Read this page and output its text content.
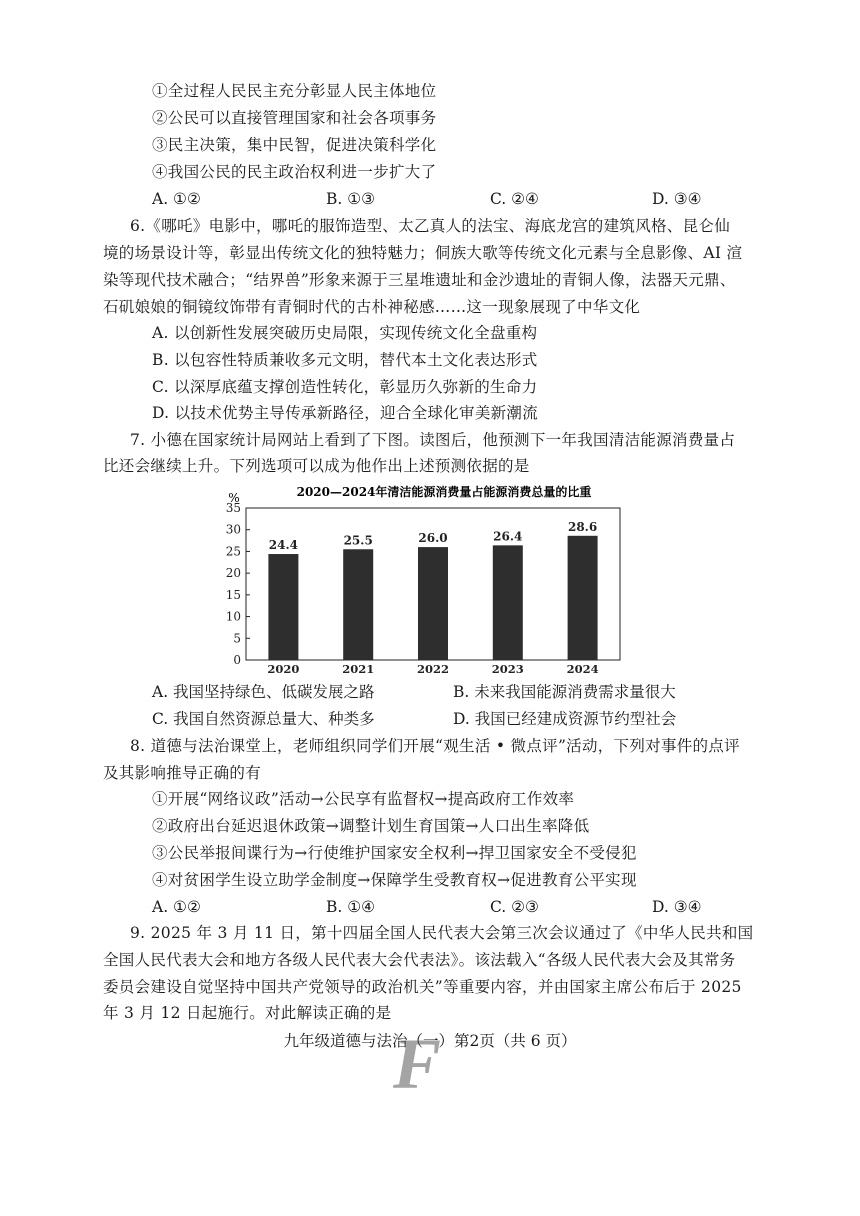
①全过程人民民主充分彰显人民主体地位
②公民可以直接管理国家和社会各项事务
③民主决策，集中民智，促进决策科学化
④我国公民的民主政治权利进一步扩大了
A. ①②	B. ①③	C. ②④	D. ③④
6.《哪吒》电影中，哪吒的服饰造型、太乙真人的法宝、海底龙宫的建筑风格、昆仑仙
境的场景设计等，彰显出传统文化的独特魅力；侗族大歌等传统文化元素与全息影像、AI 渲
染等现代技术融合；“结界兽”形象来源于三星堆遗址和金沙遗址的青铜人像，法器天元鼎、
石矶娘娘的铜镜纹饰带有青铜时代的古朴神秘感……这一现象展现了中华文化
A. 以创新性发展突破历史局限，实现传统文化全盘重构
B. 以包容性特质兼收多元文明，替代本土文化表达形式
C. 以深厚底蕴支撑创造性转化，彰显历久弥新的生命力
D. 以技术优势主导传承新路径，迎合全球化审美新潮流
7. 小德在国家统计局网站上看到了下图。读图后，他预测下一年我国清洁能源消费量占
比还会继续上升。下列选项可以成为他作出上述预测依据的是
2020—2024年清洁能源消费量占能源消费总量的比重
%
0
5
10
15
20
25
30
35
24.4	25.5	26.0	26.4
28.6
2020	2021	2022	2023	2024
A. 我国坚持绿色、低碳发展之路	B. 未来我国能源消费需求量很大
C. 我国自然资源总量大、种类多	D. 我国已经建成资源节约型社会
8. 道德与法治课堂上，老师组织同学们开展“观生活 • 微点评”活动，下列对事件的点评
及其影响推导正确的有
①开展“网络议政”活动→公民享有监督权→提高政府工作效率
②政府出台延迟退休政策→调整计划生育国策→人口出生率降低
③公民举报间谍行为→行使维护国家安全权利→捍卫国家安全不受侵犯
④对贫困学生设立助学金制度→保障学生受教育权→促进教育公平实现
A. ①②	B. ①④	C. ②③	D. ③④
9. 2025 年 3 月 11 日，第十四届全国人民代表大会第三次会议通过了《中华人民共和国
全国人民代表大会和地方各级人民代表大会代表法》。该法载入“各级人民代表大会及其常务
委员会建设自觉坚持中国共产党领导的政治机关”等重要内容，并由国家主席公布后于 2025
年 3 月 12 日起施行。对此解读正确的是
九年级道德与法治（一）第2页（共 6 页）
F
